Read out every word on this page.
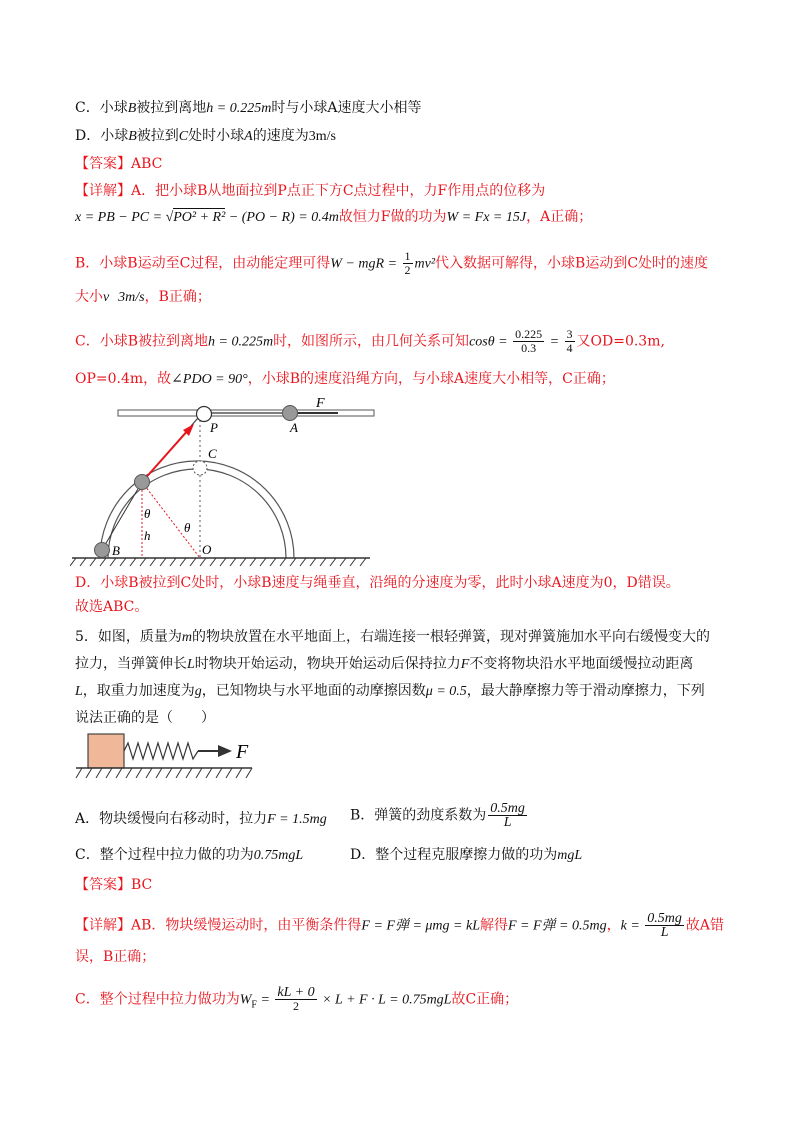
C．小球B被拉到离地h = 0.225m时与小球A速度大小相等
D．小球B被拉到C处时小球A的速度为3m/s
【答案】ABC
【详解】A．把小球B从地面拉到P点正下方C点过程中，力F作用点的位移为
x = PB − PC = √PO² + R² − (PO − R) = 0.4m故恒力F做的功为W = Fx = 15J，A正确；
B．小球B运动至C过程，由动能定理可得W − mgR = $\frac{1}{2} mv^2$代入数据可解得，小球B运动到C处时的速度
大小v 3m/s，B正确；
C．小球B被拉到离地h = 0.225m时，如图所示，由几何关系可知$\cos\theta = \frac{0.225}{0.3} = \frac{3}{4}$ 又OD=0.3m,
OP=0.4m，故∠PDO = 90°，小球B的速度沿绳方向，与小球A速度大小相等，C正确；
F
P	A
C
θ
θ
h
B	O
D．小球B被拉到C处时，小球B速度与绳垂直，沿绳的分速度为零，此时小球A速度为0，D错误。
故选ABC。
5．如图，质量为m的物块放置在水平地面上，右端连接一根轻弹簧，现对弹簧施加水平向右缓慢变大的
拉力，当弹簧伸长L时物块开始运动，物块开始运动后保持拉力F不变将物块沿水平地面缓慢拉动距离
L，取重力加速度为g，已知物块与水平地面的动摩擦因数μ = 0.5，最大静摩擦力等于滑动摩擦力，下列
说法正确的是（　　）
F
A．物块缓慢向右移动时，拉力F = 1.5mg B．弹簧的劲度系数为 $\frac{0.5mg}{L}$
C．整个过程中拉力做的功为0.75mgL	D．整个过程克服摩擦力做的功为mgL
【答案】BC
【详解】AB．物块缓慢运动时，由平衡条件得F = F弹 = μmg = kL解得F = F弹 = 0.5mg，$k = \frac{0.5mg}{L}$ 故A错
误，B正确；
C．整个过程中拉力做功为$W_F = \frac{kL + 0}{2} \times L + F \cdot L = 0.75mgL$故C正确；
